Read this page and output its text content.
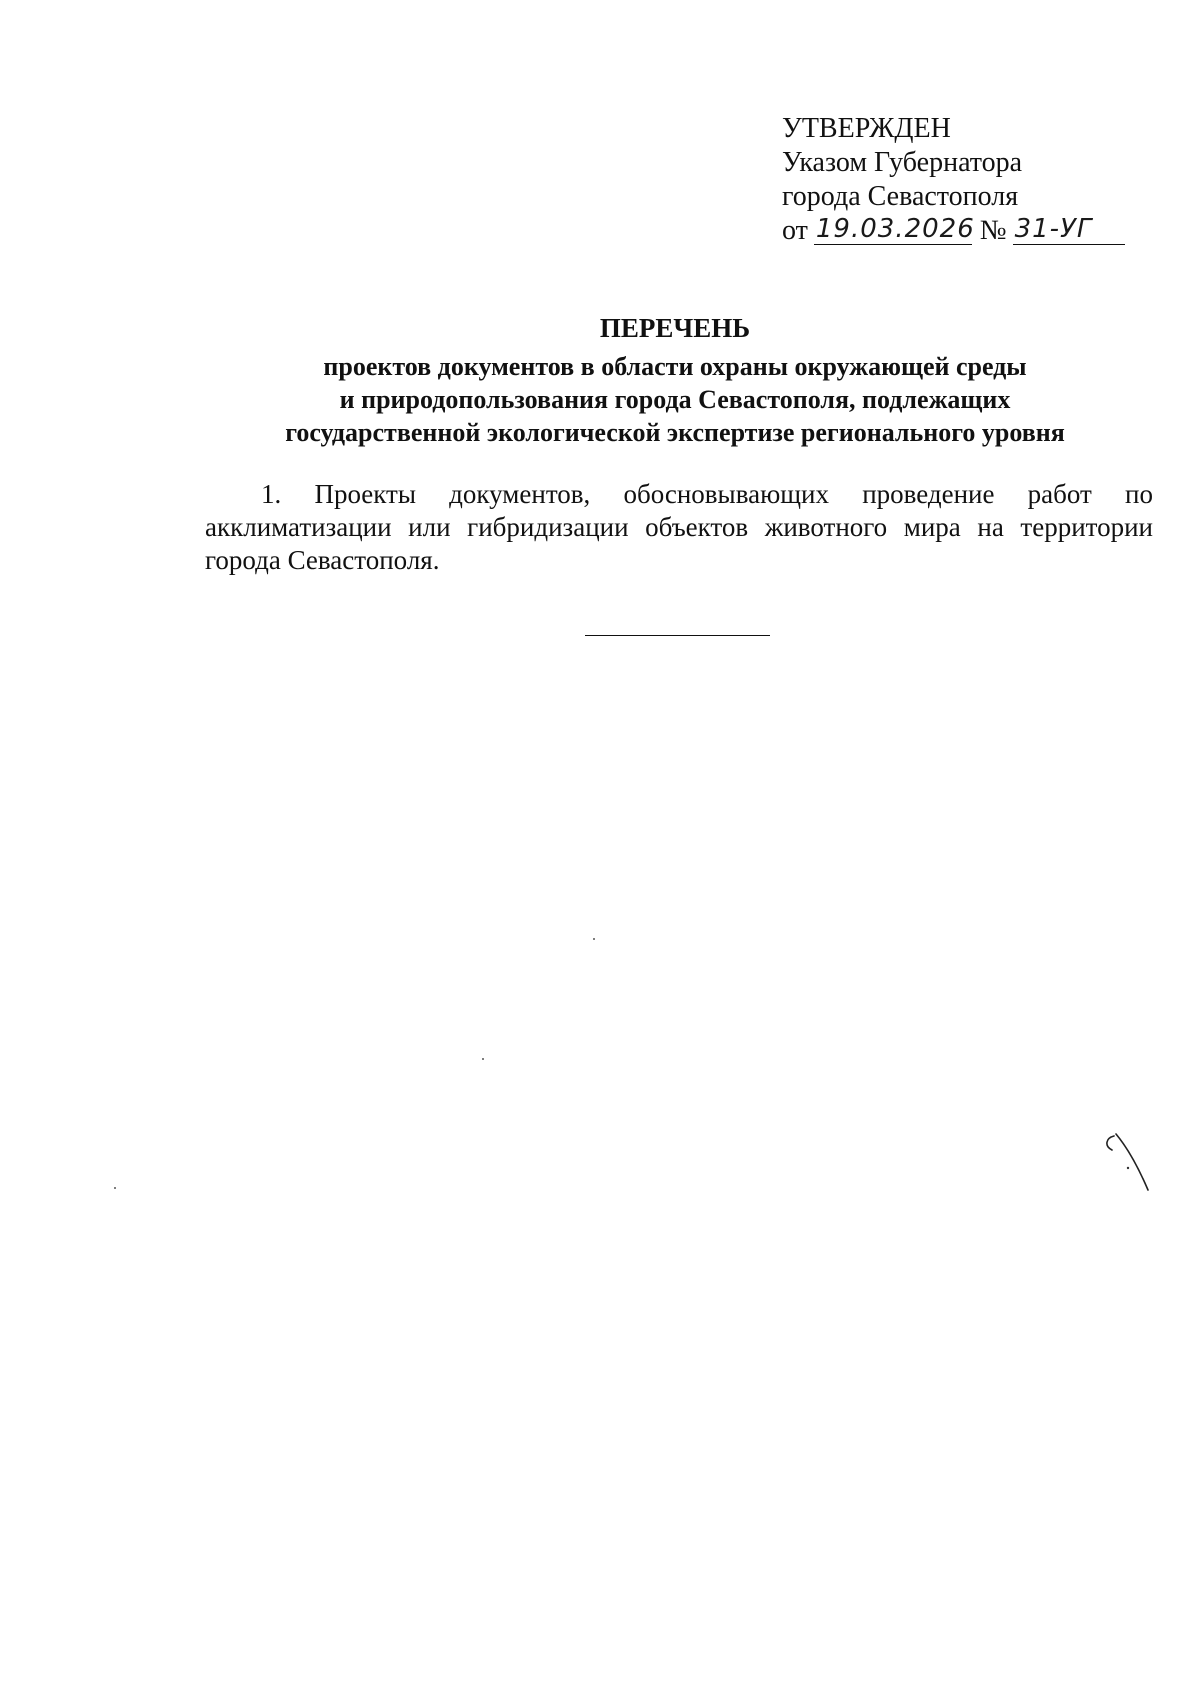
УТВЕРЖДЕН
Указом Губернатора
города Севастополя
от 19.03.2026 № 31-УГ
ПЕРЕЧЕНЬ
проектов документов в области охраны окружающей среды
и природопользования города Севастополя, подлежащих
государственной экологической экспертизе регионального уровня
1. Проекты документов, обосновывающих проведение работ по акклиматизации или гибридизации объектов животного мира на территории города Севастополя.
